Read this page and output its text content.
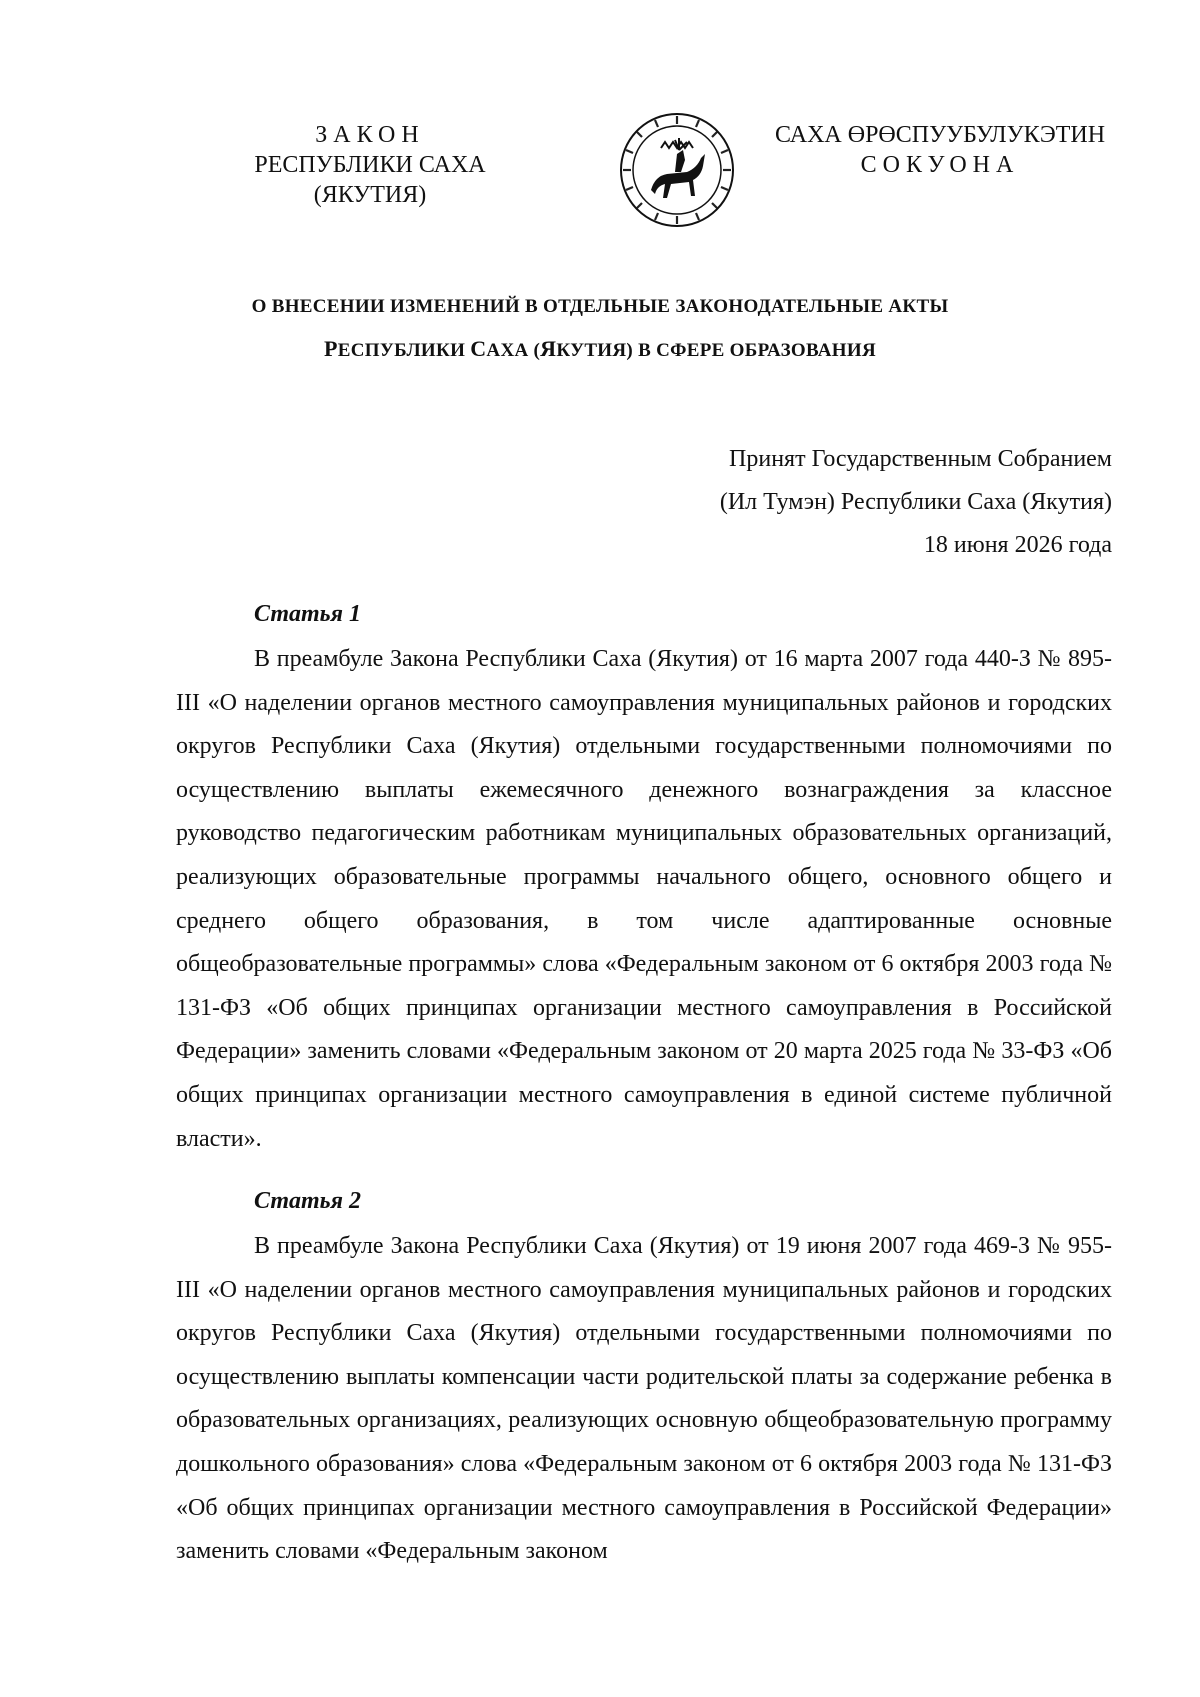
ЗАКОН
РЕСПУБЛИКИ САХА (ЯКУТИЯ)
САХА ӨРӨСПУУБУЛУКЭТИН
СОКУОНА
О ВНЕСЕНИИ ИЗМЕНЕНИЙ В ОТДЕЛЬНЫЕ ЗАКОНОДАТЕЛЬНЫЕ АКТЫ
РЕСПУБЛИКИ САХА (ЯКУТИЯ) В СФЕРЕ ОБРАЗОВАНИЯ
Принят Государственным Собранием
(Ил Тумэн) Республики Саха (Якутия)
18 июня 2026 года
Статья 1

В преамбуле Закона Республики Саха (Якутия) от 16 марта 2007 года 440-З № 895-III «О наделении органов местного самоуправления муниципальных районов и городских округов Республики Саха (Якутия) отдельными государственными полномочиями по осуществлению выплаты ежемесячного денежного вознаграждения за классное руководство педагогическим работникам муниципальных образовательных организаций, реализующих образовательные программы начального общего, основного общего и среднего общего образования, в том числе адаптированные основные общеобразовательные программы» слова «Федеральным законом от 6 октября 2003 года № 131-ФЗ «Об общих принципах организации местного самоуправления в Российской Федерации» заменить словами «Федеральным законом от 20 марта 2025 года № 33-ФЗ «Об общих принципах организации местного самоуправления в единой системе публичной власти».

Статья 2

В преамбуле Закона Республики Саха (Якутия) от 19 июня 2007 года 469-З № 955-III «О наделении органов местного самоуправления муниципальных районов и городских округов Республики Саха (Якутия) отдельными государственными полномочиями по осуществлению выплаты компенсации части родительской платы за содержание ребенка в образовательных организациях, реализующих основную общеобразовательную программу дошкольного образования» слова «Федеральным законом от 6 октября 2003 года № 131-ФЗ «Об общих принципах организации местного самоуправления в Российской Федерации» заменить словами «Федеральным законом
